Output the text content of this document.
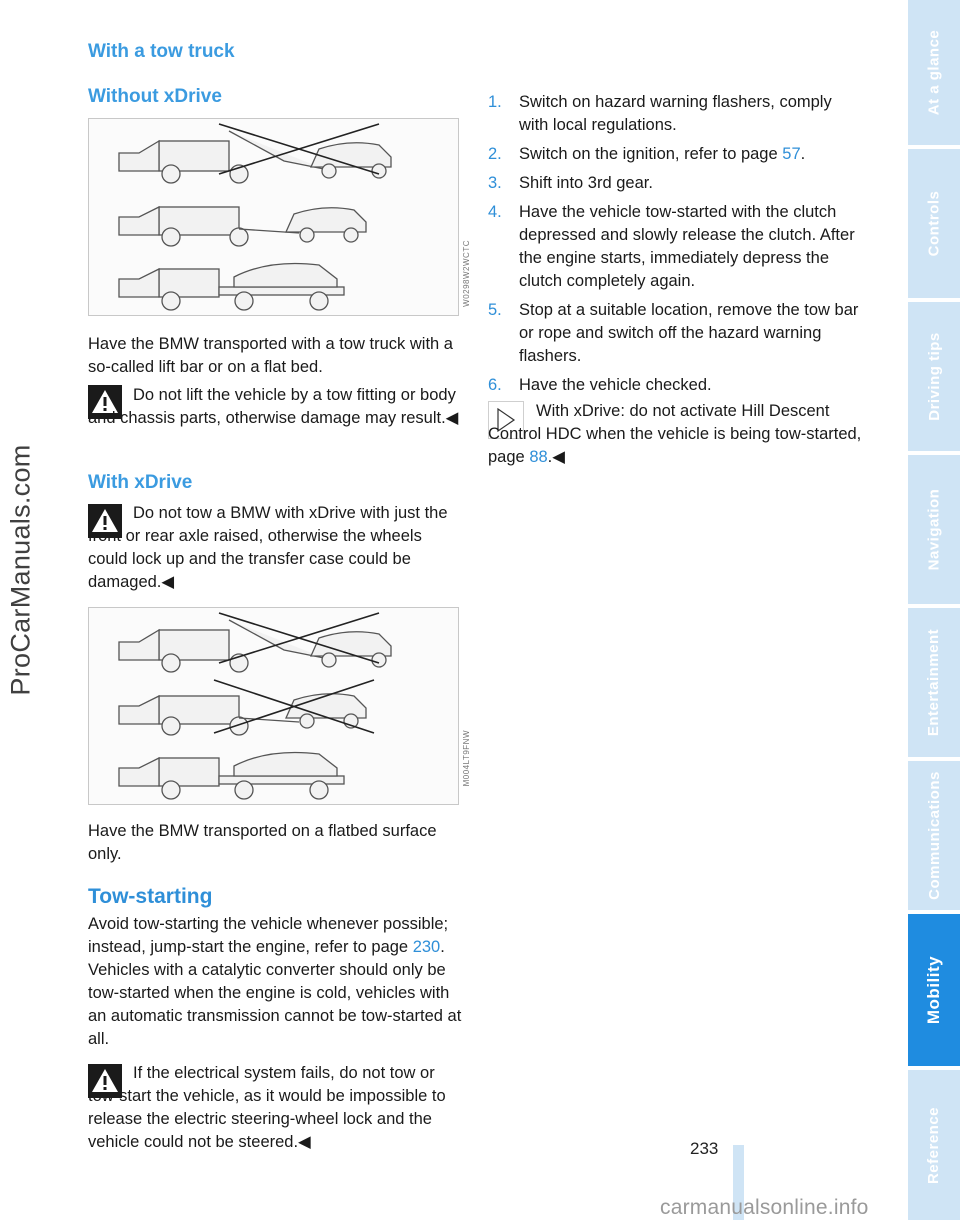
ProCarManuals.com
With a tow truck
Without xDrive
W0298W2WCTC

Have the BMW transported with a tow truck with a so-called lift bar or on a flat bed.

Do not lift the vehicle by a tow fitting or body and chassis parts, otherwise damage may result.◀

With xDrive

Do not tow a BMW with xDrive with just the front or rear axle raised, otherwise the wheels could lock up and the transfer case could be damaged.◀

M004LT9FNW

Have the BMW transported on a flatbed surface only.

Tow-starting

Avoid tow-starting the vehicle whenever possible; instead, jump-start the engine, refer to page 230. Vehicles with a catalytic converter should only be tow-started when the engine is cold, vehicles with an automatic transmission cannot be tow-started at all.

If the electrical system fails, do not tow or tow-start the vehicle, as it would be impossible to release the electric steering-wheel lock and the vehicle could not be steered.◀

1. Switch on hazard warning flashers, comply with local regulations.
2. Switch on the ignition, refer to page 57.
3. Shift into 3rd gear.
4. Have the vehicle tow-started with the clutch depressed and slowly release the clutch. After the engine starts, immediately depress the clutch completely again.
5. Stop at a suitable location, remove the tow bar or rope and switch off the hazard warning flashers.
6. Have the vehicle checked.

With xDrive: do not activate Hill Descent Control HDC when the vehicle is being tow-started, page 88.◀

At a glance
Controls
Driving tips
Navigation
Entertainment
Communications
Mobility
Reference
233
carmanualsonline.info
